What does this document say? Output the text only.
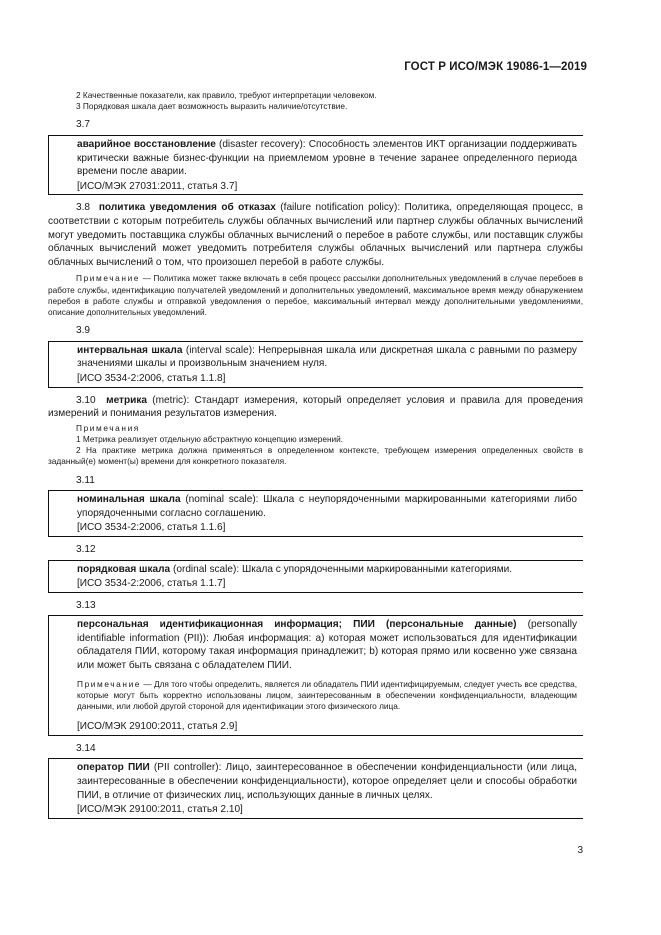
ГОСТ Р ИСО/МЭК 19086-1—2019
2 Качественные показатели, как правило, требуют интерпретации человеком.
3 Порядковая шкала дает возможность выразить наличие/отсутствие.
3.7
аварийное восстановление (disaster recovery): Способность элементов ИКТ организации поддерживать критически важные бизнес-функции на приемлемом уровне в течение заранее определенного периода времени после аварии.
[ИСО/МЭК 27031:2011, статья 3.7]
3.8 политика уведомления об отказах (failure notification policy): Политика, определяющая процесс, в соответствии с которым потребитель службы облачных вычислений или партнер службы облачных вычислений могут уведомить поставщика службы облачных вычислений о перебое в работе службы, или поставщик службы облачных вычислений может уведомить потребителя службы облачных вычислений или партнера службы облачных вычислений о том, что произошел перебой в работе службы.
Примечание — Политика может также включать в себя процесс рассылки дополнительных уведомлений в случае перебоев в работе службы, идентификацию получателей уведомлений и дополнительных уведомлений, максимальное время между обнаружением перебоя в работе службы и отправкой уведомления о перебое, максимальный интервал между дополнительными уведомлениями, описание дополнительных уведомлений.
3.9
интервальная шкала (interval scale): Непрерывная шкала или дискретная шкала с равными по размеру значениями шкалы и произвольным значением нуля.
[ИСО 3534-2:2006, статья 1.1.8]
3.10 метрика (metric): Стандарт измерения, который определяет условия и правила для проведения измерений и понимания результатов измерения.
Примечания
1 Метрика реализует отдельную абстрактную концепцию измерений.
2 На практике метрика должна применяться в определенном контексте, требующем измерения определенных свойств в заданный(е) момент(ы) времени для конкретного показателя.
3.11
номинальная шкала (nominal scale): Шкала с неупорядоченными маркированными категориями либо упорядоченными согласно соглашению.
[ИСО 3534-2:2006, статья 1.1.6]
3.12
порядковая шкала (ordinal scale): Шкала с упорядоченными маркированными категориями.
[ИСО 3534-2:2006, статья 1.1.7]
3.13
персональная идентификационная информация; ПИИ (персональные данные) (personally identifiable information (PII)): Любая информация: а) которая может использоваться для идентификации обладателя ПИИ, которому такая информация принадлежит; b) которая прямо или косвенно уже связана или может быть связана с обладателем ПИИ.
Примечание — Для того чтобы определить, является ли обладатель ПИИ идентифицируемым, следует учесть все средства, которые могут быть корректно использованы лицом, заинтересованным в обеспечении конфиденциальности, владеющим данными, или любой другой стороной для идентификации этого физического лица.
[ИСО/МЭК 29100:2011, статья 2.9]
3.14
оператор ПИИ (PII controller): Лицо, заинтересованное в обеспечении конфиденциальности (или лица, заинтересованные в обеспечении конфиденциальности), которое определяет цели и способы обработки ПИИ, в отличие от физических лиц, использующих данные в личных целях.
[ИСО/МЭК 29100:2011, статья 2.10]
3
